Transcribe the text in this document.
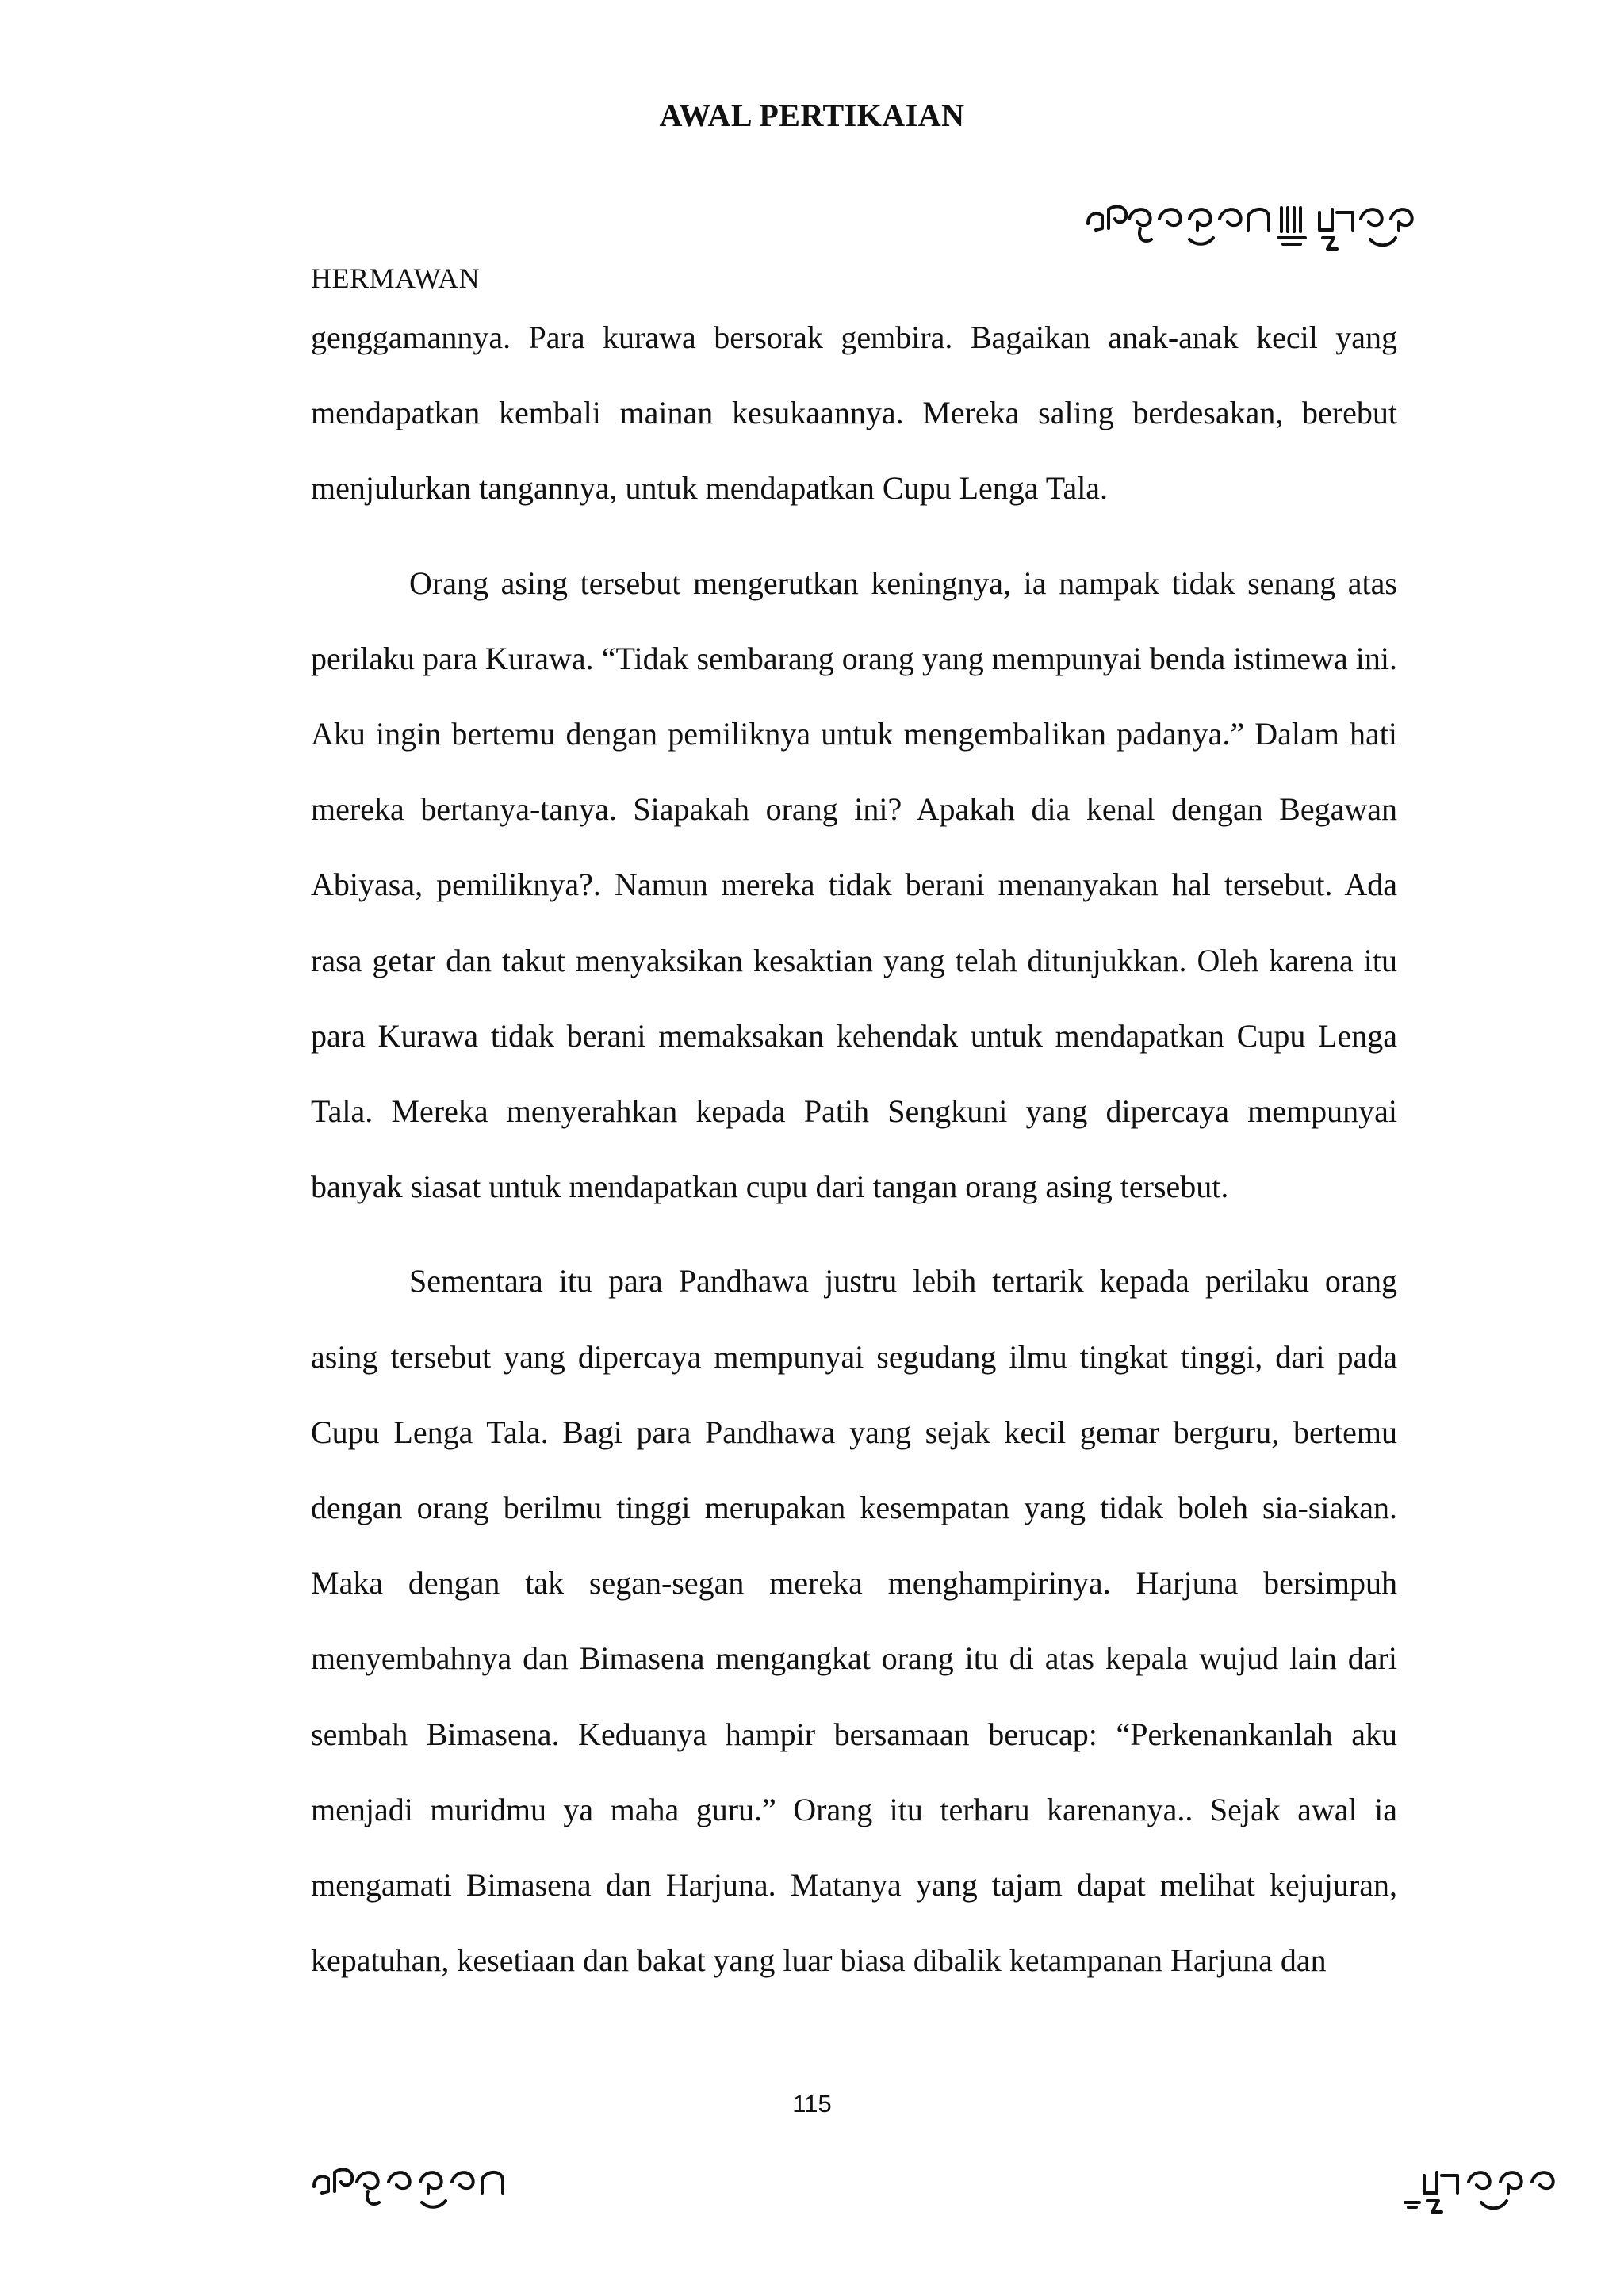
AWAL PERTIKAIAN
HERMAWAN

genggamannya. Para kurawa bersorak gembira. Bagaikan anak-anak kecil yang mendapatkan kembali mainan kesukaannya. Mereka saling berdesakan, berebut menjulurkan tangannya, untuk mendapatkan Cupu Lenga Tala.

Orang asing tersebut mengerutkan keningnya, ia nampak tidak senang atas perilaku para Kurawa. “Tidak sembarang orang yang mempunyai benda istimewa ini. Aku ingin bertemu dengan pemiliknya untuk mengembalikan padanya.” Dalam hati mereka bertanya-tanya. Siapakah orang ini? Apakah dia kenal dengan Begawan Abiyasa, pemiliknya?. Namun mereka tidak berani menanyakan hal tersebut. Ada rasa getar dan takut menyaksikan kesaktian yang telah ditunjukkan. Oleh karena itu para Kurawa tidak berani memaksakan kehendak untuk mendapatkan Cupu Lenga Tala. Mereka menyerahkan kepada Patih Sengkuni yang dipercaya mempunyai banyak siasat untuk mendapatkan cupu dari tangan orang asing tersebut.

Sementara itu para Pandhawa justru lebih tertarik kepada perilaku orang asing tersebut yang dipercaya mempunyai segudang ilmu tingkat tinggi, dari pada Cupu Lenga Tala. Bagi para Pandhawa yang sejak kecil gemar berguru, bertemu dengan orang berilmu tinggi merupakan kesempatan yang tidak boleh sia-siakan. Maka dengan tak segan-segan mereka menghampirinya. Harjuna bersimpuh menyembahnya dan Bimasena mengangkat orang itu di atas kepala wujud lain dari sembah Bimasena. Keduanya hampir bersamaan berucap: “Perkenankanlah aku menjadi muridmu ya maha guru.” Orang itu terharu karenanya.. Sejak awal ia mengamati Bimasena dan Harjuna. Matanya yang tajam dapat melihat kejujuran, kepatuhan, kesetiaan dan bakat yang luar biasa dibalik ketampanan Harjuna dan

115
